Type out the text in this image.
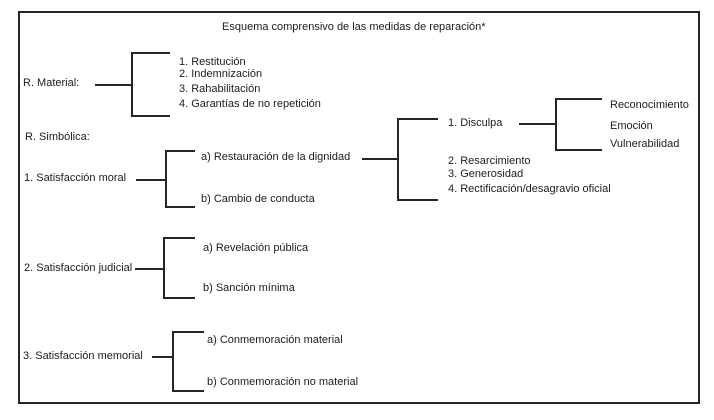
Esquema comprensivo de las medidas de reparación*
R. Material:
1. Restitución
2. Indemnización
3. Rahabilitación
4. Garantías de no repetición
R. Simbólica:
1. Satisfacción moral
a) Restauración de la dignidad
b) Cambio de conducta
1. Disculpa
2. Resarcimiento
3. Generosidad
4. Rectificación/desagravio oficial
Reconocimiento
Emoción
Vulnerabilidad
2. Satisfacción judicial
a) Revelación pública
b) Sanción mínima
3. Satisfacción memorial
a) Conmemoración material
b) Conmemoración no material
